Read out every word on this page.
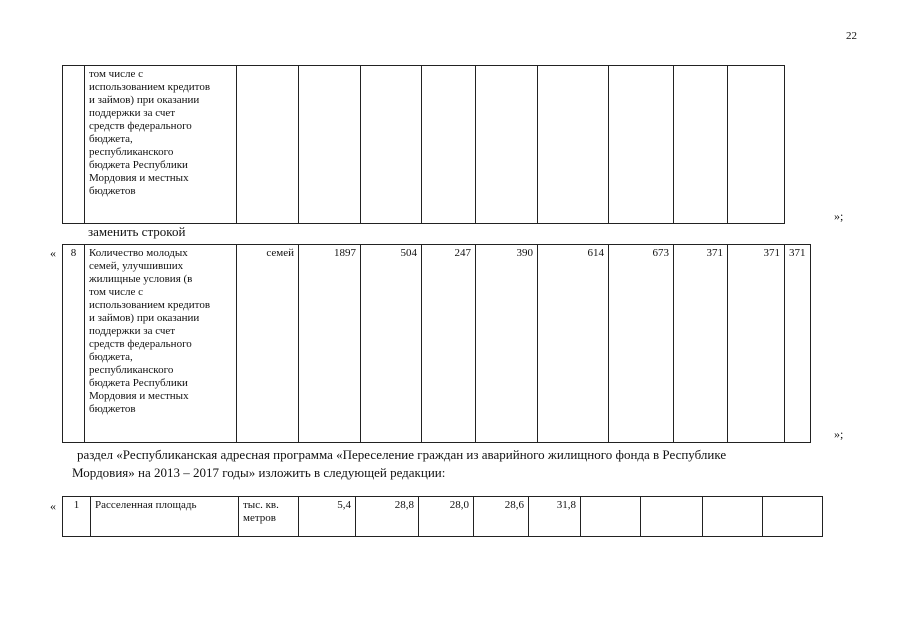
22

том числе с
использованием кредитов
и займов) при оказании
поддержки за счет
средств федерального
бюджета,
республиканского
бюджета Республики
Мордовия и местных
бюджетов

»;
заменить строкой
« 8	Количество молодых
семей, улучшивших
жилищные условия (в
том числе с
использованием кредитов
и займов) при оказании
поддержки за счет
средств федерального
бюджета,
республиканского
бюджета Республики
Мордовия и местных
бюджетов
	семей	1897	504	247	390	614	673	371	371	371
»;
раздел «Республиканская адресная программа «Переселение граждан из аварийного жилищного фонда в Республике
Мордовия» на 2013 – 2017 годы» изложить в следующей редакции:
« 1	Расселенная площадь	тыс. кв.
метров
	5,4	28,8	28,0	28,6	31,8				
